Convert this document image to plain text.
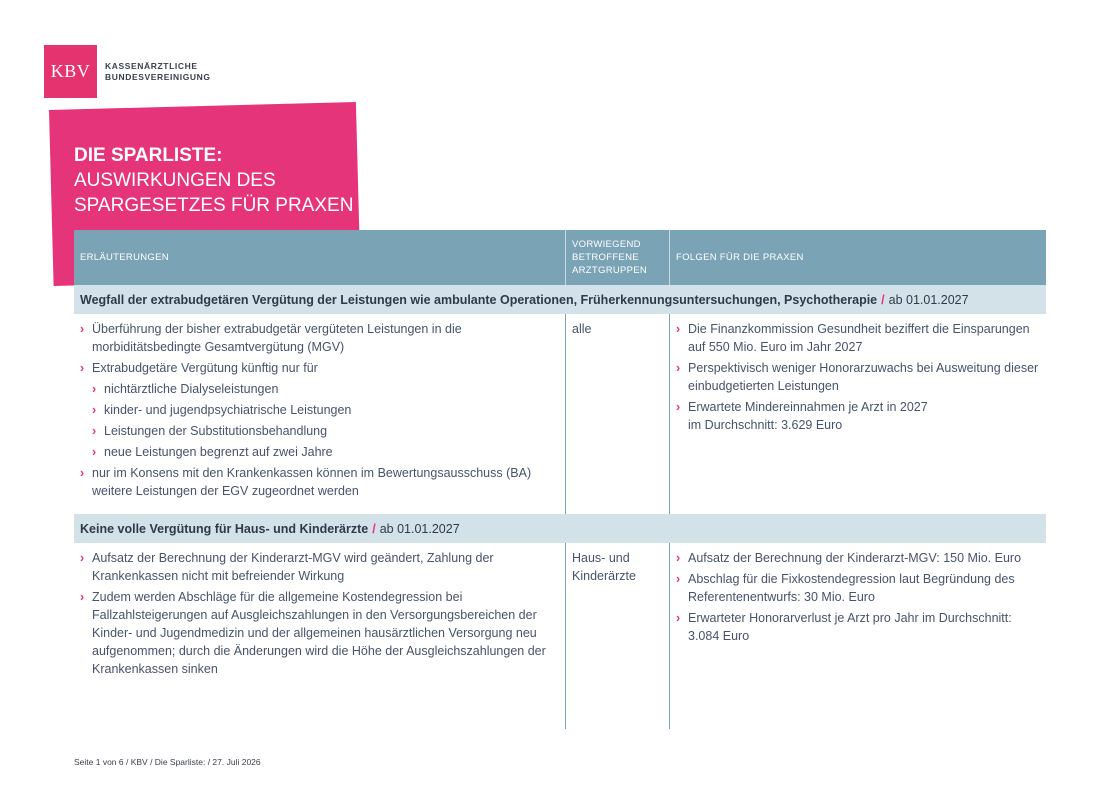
KBV	KASSENÄRZTLICHE
BUNDESVEREINIGUNG
DIE SPARLISTE:
AUSWIRKUNGEN DES
SPARGESETZES FÜR PRAXEN
ERLÄUTERUNGEN
VORWIEGEND
BETROFFENE
ARZTGRUPPEN
FOLGEN FÜR DIE PRAXEN
Wegfall der extrabudgetären Vergütung der Leistungen wie ambulante Operationen, Früherkennungsuntersuchungen, Psychotherapie / ab 01.01.2027
› Überführung der bisher extrabudgetär vergüteten Leistungen in die morbiditätsbedingte Gesamtvergütung (MGV)
› Extrabudgetäre Vergütung künftig nur für
› nichtärztliche Dialyseleistungen
› kinder- und jugendpsychiatrische Leistungen
› Leistungen der Substitutionsbehandlung
› neue Leistungen begrenzt auf zwei Jahre
› nur im Konsens mit den Krankenkassen können im Bewertungsausschuss (BA) weitere Leistungen der EGV zugeordnet werden
alle
›	Die Finanzkommission Gesundheit beziffert die Einsparungen auf 550 Mio. Euro im Jahr 2027
› Perspektivisch weniger Honorarzuwachs bei Ausweitung dieser einbudgetierten Leistungen
› Erwartete Mindereinnahmen je Arzt in 2027
im Durchschnitt: 3.629 Euro
Keine volle Vergütung für Haus- und Kinderärzte / ab 01.01.2027
› Aufsatz der Berechnung der Kinderarzt-MGV wird geändert, Zahlung der Krankenkassen nicht mit befreiender Wirkung
› Zudem werden Abschläge für die allgemeine Kostendegression bei Fallzahlsteigerungen auf Ausgleichszahlungen in den Versorgungsbereichen der Kinder- und Jugendmedizin und der allgemeinen hausärztlichen Versorgung neu aufgenommen; durch die Änderungen wird die Höhe der Ausgleichszahlungen der Krankenkassen sinken
Haus- und Kinderärzte
› Aufsatz der Berechnung der Kinderarzt-MGV: 150 Mio. Euro
› Abschlag für die Fixkostendegression laut Begründung des Referentenentwurfs: 30 Mio. Euro
› Erwarteter Honorarverlust je Arzt pro Jahr im Durchschnitt: 3.084 Euro
Seite 1 von 6 / KBV / Die Sparliste: / 27. Juli 2026
